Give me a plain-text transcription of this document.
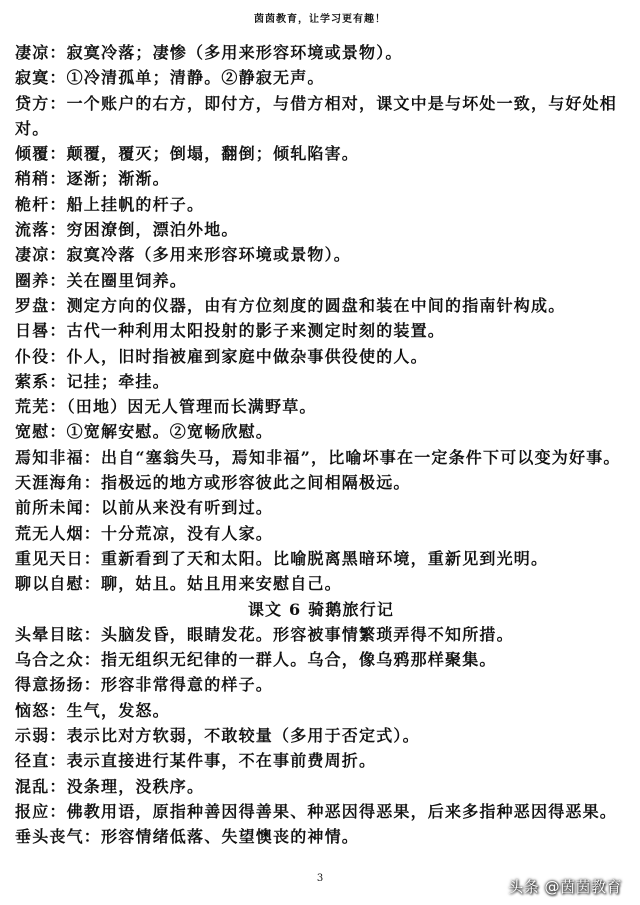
茵茵教育，让学习更有趣！
凄凉：寂寞冷落；凄惨（多用来形容环境或景物）。
寂寞：①冷清孤单；清静。②静寂无声。
贷方：一个账户的右方，即付方，与借方相对，课文中是与坏处一致，与好处相对。
倾覆：颠覆，覆灭；倒塌，翻倒；倾轧陷害。
稍稍：逐渐；渐渐。
桅杆：船上挂帆的杆子。
流落：穷困潦倒，漂泊外地。
凄凉：寂寞冷落（多用来形容环境或景物）。
圈养：关在圈里饲养。
罗盘：测定方向的仪器，由有方位刻度的圆盘和装在中间的指南针构成。
日晷：古代一种利用太阳投射的影子来测定时刻的装置。
仆役：仆人，旧时指被雇到家庭中做杂事供役使的人。
萦系：记挂；牵挂。
荒芜：（田地）因无人管理而长满野草。
宽慰：①宽解安慰。②宽畅欣慰。
焉知非福：出自“塞翁失马，焉知非福”，比喻坏事在一定条件下可以变为好事。
天涯海角：指极远的地方或形容彼此之间相隔极远。
前所未闻：以前从来没有听到过。
荒无人烟：十分荒凉，没有人家。
重见天日：重新看到了天和太阳。比喻脱离黑暗环境，重新见到光明。
聊以自慰：聊，姑且。姑且用来安慰自己。
课文 6 骑鹅旅行记
头晕目眩：头脑发昏，眼睛发花。形容被事情繁琐弄得不知所措。
乌合之众：指无组织无纪律的一群人。乌合，像乌鸦那样聚集。
得意扬扬：形容非常得意的样子。
恼怒：生气，发怒。
示弱：表示比对方软弱，不敢较量（多用于否定式）。
径直：表示直接进行某件事，不在事前费周折。
混乱：没条理，没秩序。
报应：佛教用语，原指种善因得善果、种恶因得恶果，后来多指种恶因得恶果。
垂头丧气：形容情绪低落、失望懊丧的神情。
3	头条 @茵茵教育
